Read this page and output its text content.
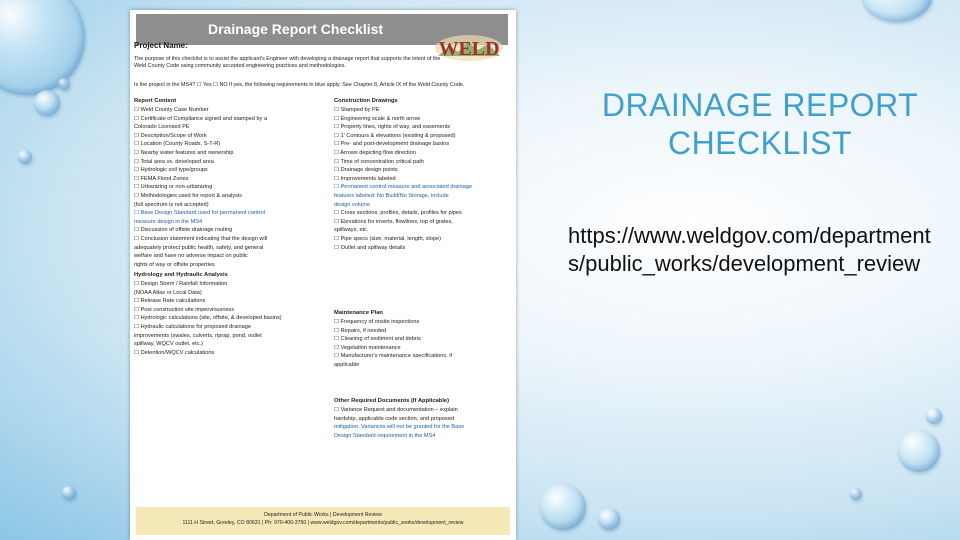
Drainage Report Checklist
WELD
Project Name:
The purpose of this checklist is to assist the applicant's Engineer with developing a drainage report that supports the intent of the Weld County Code using community accepted engineering practices and methodologies.
Is the project in the MS4? ☐ Yes ☐ NO If yes, the following requirements in blue apply. See Chapter 8, Article IX of the Weld County Code.
Report Content
☐ Weld County Case Number
☐ Certificate of Compliance signed and stamped by a
Colorado Licensed PE
☐ Description/Scope of Work
☐ Location (County Roads, S-T-R)
☐ Nearby water features and ownership
☐ Total area vs. developed area
☐ Hydrologic soil type/groups
☐ FEMA Flood Zones
☐ Urbanizing or non-urbanizing
☐ Methodologies used for report & analysis
(full spectrum is not accepted)
☐ Base Design Standard used for permanent control
measure design in the MS4
☐ Discussion of offsite drainage routing
☐ Conclusion statement indicating that the design will
adequately protect public health, safety, and general
welfare and have no adverse impact on public
rights of way or offsite properties
Hydrology and Hydraulic Analysis
☐ Design Storm / Rainfall Information
(NOAA Atlas or Local Data)
☐ Release Rate calculations
☐ Post construction site imperviousness
☐ Hydrologic calculations (site, offsite, & developed basins)
☐ Hydraulic calculations for proposed drainage
improvements (swales, culverts, riprap, pond, outlet
spillway, WQCV outlet, etc.)
☐ Detention/WQCV calculations
Construction Drawings
☐ Stamped by PE
☐ Engineering scale & north arrow
☐ Property lines, rights of way, and easements
☐ 1' Contours & elevations (existing & proposed)
☐ Pre- and post-development drainage basins
☐ Arrows depicting flow direction
☐ Time of concentration critical path
☐ Drainage design points
☐ Improvements labeled
☐ Permanent control measure and associated drainage
features labeled: No Build/No Storage, include
design volume
☐ Cross sections, profiles, details, profiles for pipes
☐ Elevations for inverts, flowlines, top of grates,
spillways, etc.
☐ Pipe specs (size, material, length, slope)
☐ Outlet and spillway details
Maintenance Plan
☐ Frequency of onsite inspections
☐ Repairs, if needed
☐ Cleaning of sediment and debris
☐ Vegetation maintenance
☐ Manufacturer's maintenance specifications, if
applicable
Other Required Documents (If Applicable)
☐ Variance Request and documentation – explain
hardship, applicable code section, and proposed
mitigation. Variances will not be granted for the Base
Design Standard requirement in the MS4
Department of Public Works | Development Review
1111 H Street, Greeley, CO 80631 | Ph: 970-400-3750 | www.weldgov.com/departments/public_works/development_review
DRAINAGE REPORT
CHECKLIST
https://www.weldgov.com/departments/public_works/development_review
